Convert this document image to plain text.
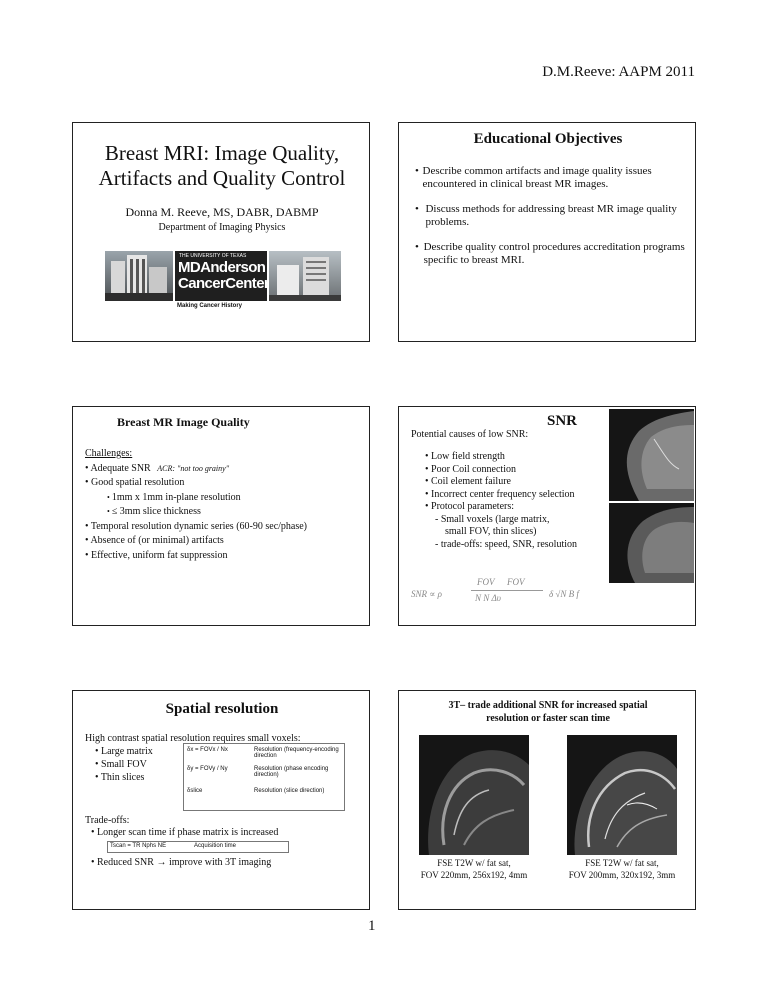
D.M.Reeve: AAPM 2011
Breast MRI: Image Quality,
Artifacts and Quality Control
Donna M. Reeve, MS, DABR, DABMP
Department of Imaging Physics
THE UNIVERSITY OF TEXAS
MDAnderson
CancerCenter
Making Cancer History
Educational Objectives
• Describe common artifacts and image quality issues encountered in clinical breast MR images.
• Discuss methods for addressing breast MR image quality problems.
• Describe quality control procedures accreditation programs specific to breast MRI.
Breast MR Image Quality
Challenges:
• Adequate SNR ACR: "not too grainy"
• Good spatial resolution
• 1mm x 1mm in-plane resolution
• ≤ 3mm slice thickness
• Temporal resolution dynamic series (60-90 sec/phase)
• Absence of (or minimal) artifacts
• Effective, uniform fat suppression
SNR
Potential causes of low SNR:
• Low field strength
• Poor Coil connection
• Coil element failure
• Incorrect center frequency selection
• Protocol parameters:
- Small voxels (large matrix,
small FOV, thin slices)
- trade-offs: speed, SNR, resolution
SNR ∝ ρ
FOV FOV
N N Δυ	δ √N B f
Spatial resolution
High contrast spatial resolution requires small voxels:
• Large matrix
• Small FOV
• Thin slices
δx = FOVx / Nx	Resolution (frequency-encoding direction
δy = FOVy / Ny	Resolution (phase encoding direction)
δslice	Resolution (slice direction)
Trade-offs:
• Longer scan time if phase matrix is increased
Tscan = TR Nphs NE	Acquisition time
• Reduced SNR → improve with 3T imaging
3T– trade additional SNR for increased spatial
resolution or faster scan time
FSE T2W w/ fat sat,
FOV 220mm, 256x192, 4mm
FSE T2W w/ fat sat,
FOV 200mm, 320x192, 3mm
1
